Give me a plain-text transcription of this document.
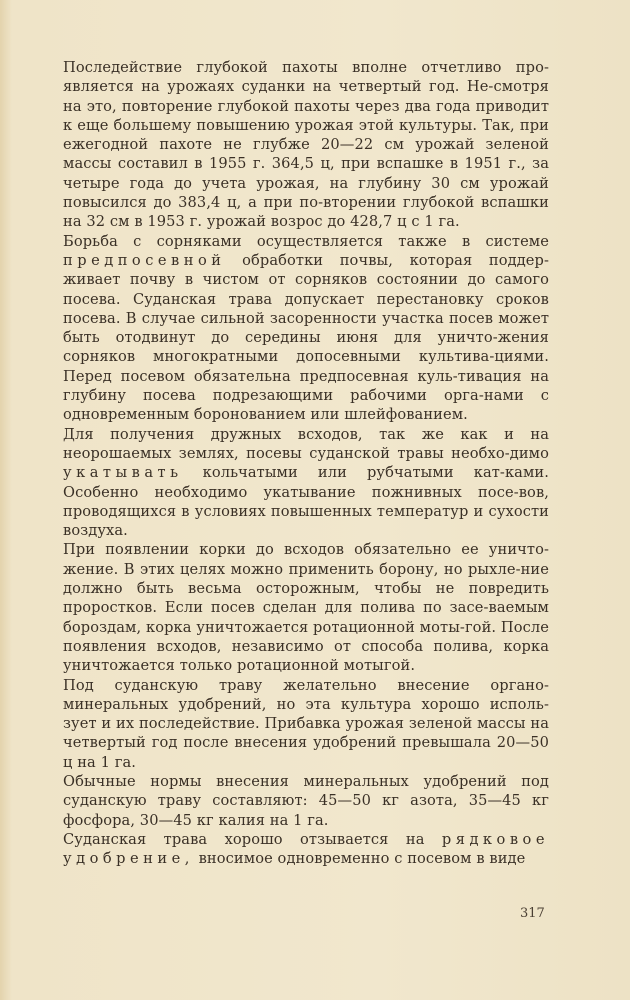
Последействие глубокой пахоты вполне отчетливо про-является на урожаях суданки на четвертый год. Не-смотря на это, повторение глубокой пахоты через два года приводит к еще большему повышению урожая этой культуры. Так, при ежегодной пахоте не глубже 20—22 см урожай зеленой массы составил в 1955 г. 364,5 ц, при вспашке в 1951 г., за четыре года до учета урожая, на глубину 30 см урожай повысился до 383,4 ц, а при по-вторении глубокой вспашки на 32 см в 1953 г. урожай возрос до 428,7 ц с 1 га.

Борьба с сорняками осуществляется также в системе предпосевной обработки почвы, которая поддер-живает почву в чистом от сорняков состоянии до самого посева. Суданская трава допускает перестановку сроков посева. В случае сильной засоренности участка посев может быть отодвинут до середины июня для уничто-жения сорняков многократными допосевными культива-циями. Перед посевом обязательна предпосевная куль-тивация на глубину посева подрезающими рабочими орга-нами с одновременным боронованием или шлейфованием.

Для получения дружных всходов, так же как и на неорошаемых землях, посевы суданской травы необхо-димо укатывать кольчатыми или рубчатыми кат-ками. Особенно необходимо укатывание пожнивных посе-вов, проводящихся в условиях повышенных температур и сухости воздуха.

При появлении корки до всходов обязательно ее уничто-жение. В этих целях можно применить борону, но рыхле-ние должно быть весьма осторожным, чтобы не повредить проростков. Если посев сделан для полива по засе-ваемым бороздам, корка уничтожается ротационной моты-гой. После появления всходов, независимо от способа полива, корка уничтожается только ротационной мотыгой.

Под суданскую траву желательно внесение органо-минеральных удобрений, но эта культура хорошо исполь-зует и их последействие. Прибавка урожая зеленой массы на четвертый год после внесения удобрений превышала 20—50 ц на 1 га.

Обычные нормы внесения минеральных удобрений под суданскую траву составляют: 45—50 кг азота, 35—45 кг фосфора, 30—45 кг калия на 1 га.

Суданская трава хорошо отзывается на рядковое удобрение, вносимое одновременно с посевом в виде

317
